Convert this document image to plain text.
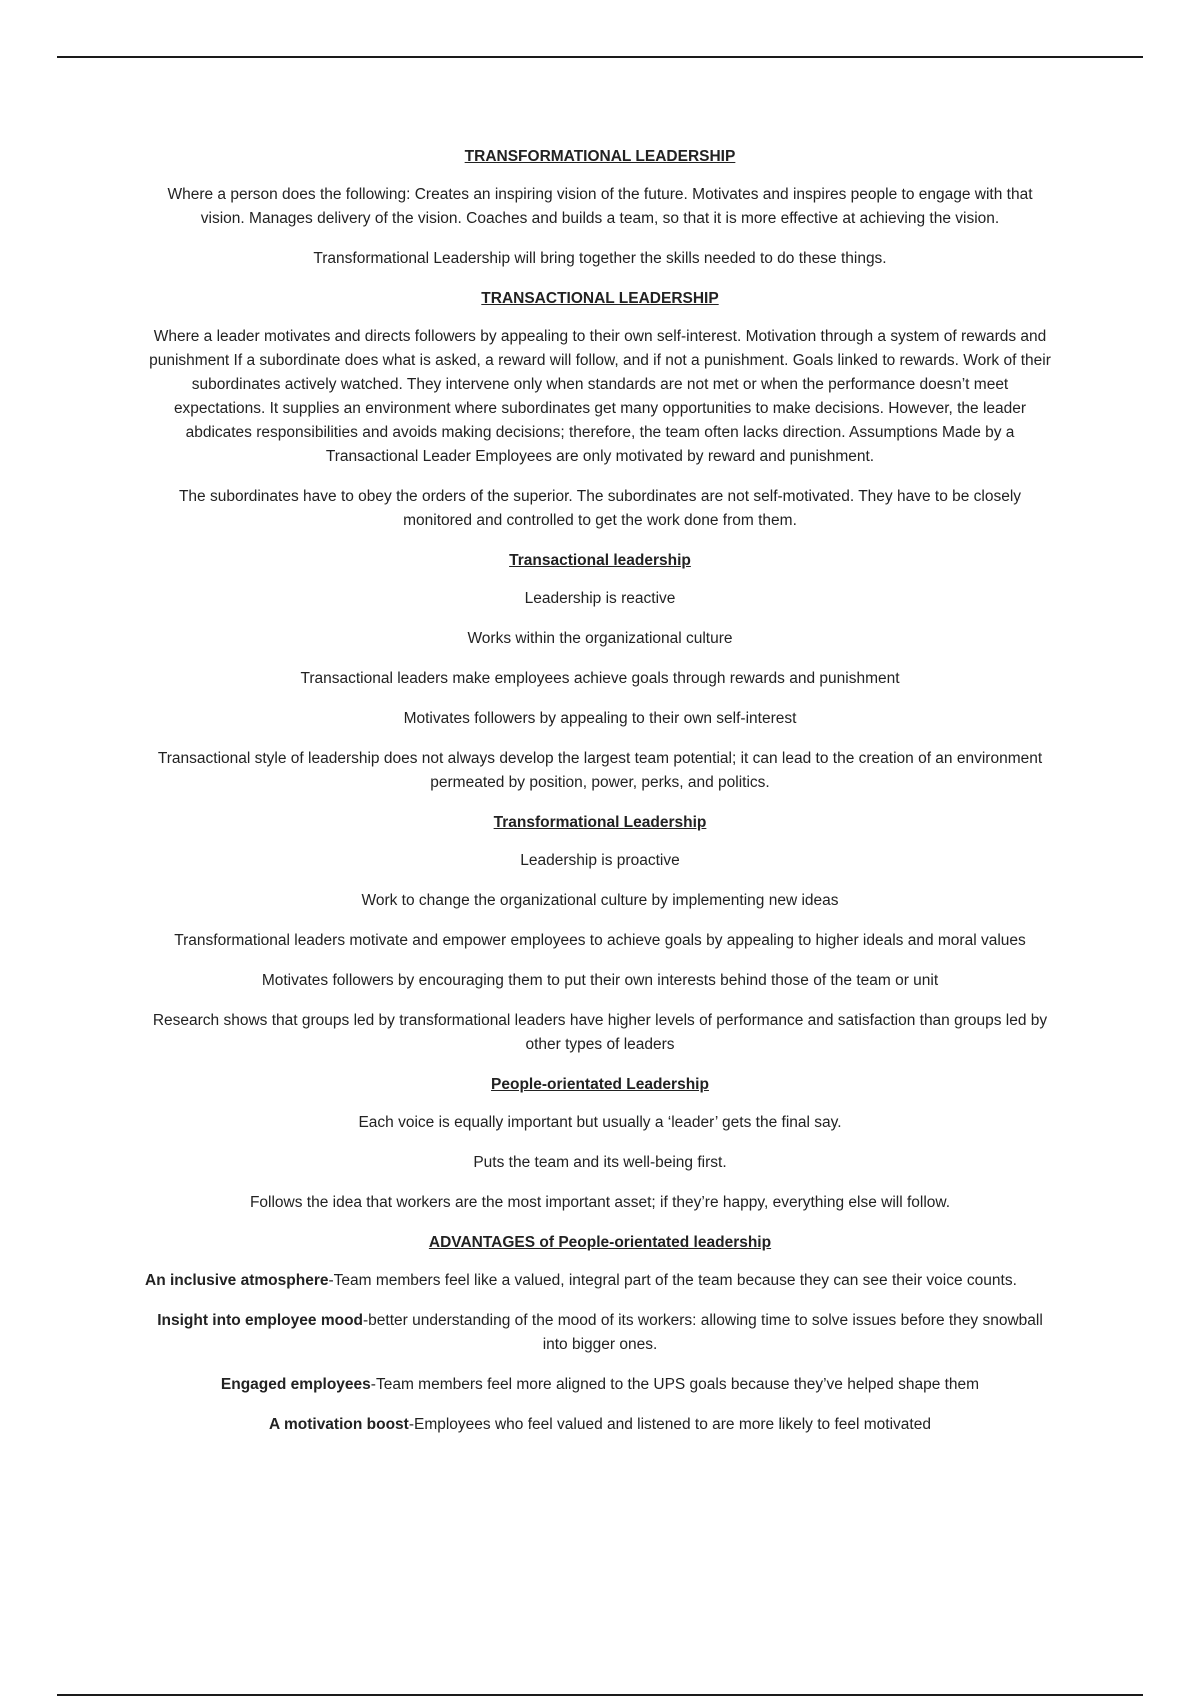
TRANSFORMATIONAL LEADERSHIP

Where a person does the following: Creates an inspiring vision of the future. Motivates and inspires people to engage with that vision. Manages delivery of the vision. Coaches and builds a team, so that it is more effective at achieving the vision.

Transformational Leadership will bring together the skills needed to do these things.

TRANSACTIONAL LEADERSHIP

Where a leader motivates and directs followers by appealing to their own self-interest. Motivation through a system of rewards and punishment If a subordinate does what is asked, a reward will follow, and if not a punishment. Goals linked to rewards. Work of their subordinates actively watched. They intervene only when standards are not met or when the performance doesn’t meet expectations. It supplies an environment where subordinates get many opportunities to make decisions. However, the leader abdicates responsibilities and avoids making decisions; therefore, the team often lacks direction. Assumptions Made by a Transactional Leader Employees are only motivated by reward and punishment.

The subordinates have to obey the orders of the superior. The subordinates are not self-motivated. They have to be closely monitored and controlled to get the work done from them.

Transactional leadership

Leadership is reactive

Works within the organizational culture

Transactional leaders make employees achieve goals through rewards and punishment

Motivates followers by appealing to their own self-interest

Transactional style of leadership does not always develop the largest team potential; it can lead to the creation of an environment permeated by position, power, perks, and politics.

Transformational Leadership

Leadership is proactive

Work to change the organizational culture by implementing new ideas

Transformational leaders motivate and empower employees to achieve goals by appealing to higher ideals and moral values

Motivates followers by encouraging them to put their own interests behind those of the team or unit

Research shows that groups led by transformational leaders have higher levels of performance and satisfaction than groups led by other types of leaders

People-orientated Leadership

Each voice is equally important but usually a ‘leader’ gets the final say.

Puts the team and its well-being first.

Follows the idea that workers are the most important asset; if they’re happy, everything else will follow.

ADVANTAGES of People-orientated leadership

An inclusive atmosphere-Team members feel like a valued, integral part of the team because they can see their voice counts.

Insight into employee mood-better understanding of the mood of its workers: allowing time to solve issues before they snowball into bigger ones.

Engaged employees-Team members feel more aligned to the UPS goals because they’ve helped shape them

A motivation boost-Employees who feel valued and listened to are more likely to feel motivated
